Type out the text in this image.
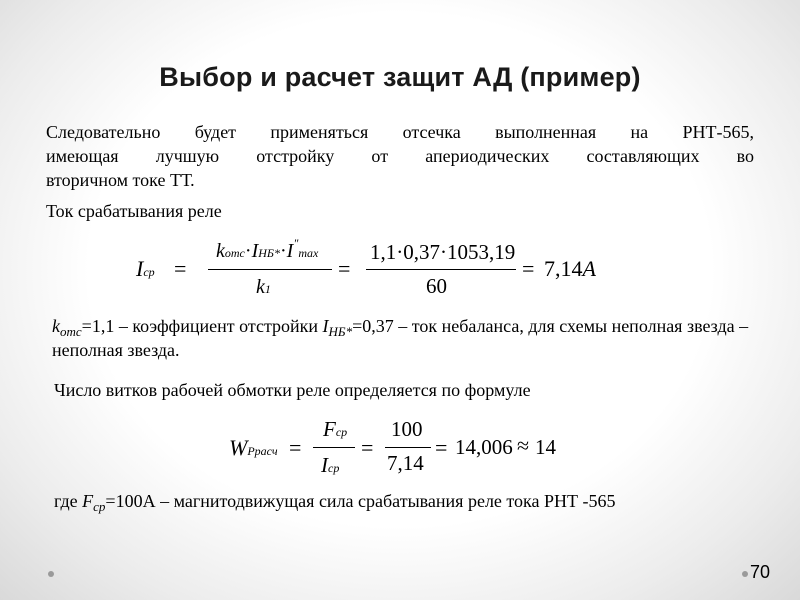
Выбор и расчет защит АД (пример)
Следовательно будет применяться отсечка выполненная на РНТ-565,
имеющая лучшую отстройку от апериодических составляющих во
вторичном токе ТТ.
Ток срабатывания реле
Iср =
kотс·IНБ*·I"max
k1
=
1,1·0,37·1053,19
60
= 7,14A
$k_{отс}=1,1$ – коэффициент отстройки $I_{НБ*}=0,37$ – ток небаланса, для схемы неполная звезда – неполная звезда.
Число витков рабочей обмотки реле определяется по формуле
WPрасч =
Fср
Iср
=
100
7,14
= 14,006 ≈ 14
где $F_{ср}=100А$ – магнитодвижущая сила срабатывания реле тока РНТ -565
70
